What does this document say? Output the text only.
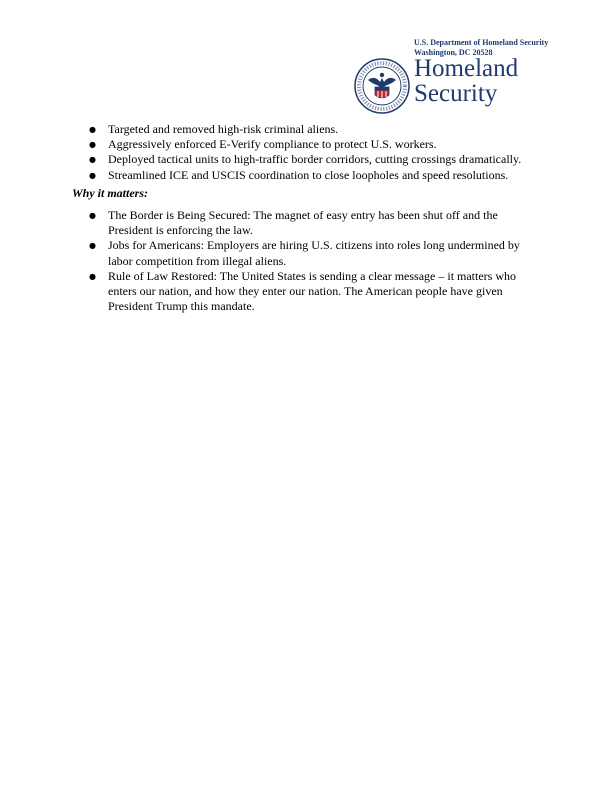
U.S. Department of Homeland Security
Washington, DC 20528
Homeland
Security
● Targeted and removed high-risk criminal aliens.
● Aggressively enforced E-Verify compliance to protect U.S. workers.
● Deployed tactical units to high-traffic border corridors, cutting crossings dramatically.
● Streamlined ICE and USCIS coordination to close loopholes and speed resolutions.
Why it matters:
● The Border is Being Secured: The magnet of easy entry has been shut off and the President is enforcing the law.
● Jobs for Americans: Employers are hiring U.S. citizens into roles long undermined by labor competition from illegal aliens.
● Rule of Law Restored: The United States is sending a clear message – it matters who enters our nation, and how they enter our nation. The American people have given President Trump this mandate.
